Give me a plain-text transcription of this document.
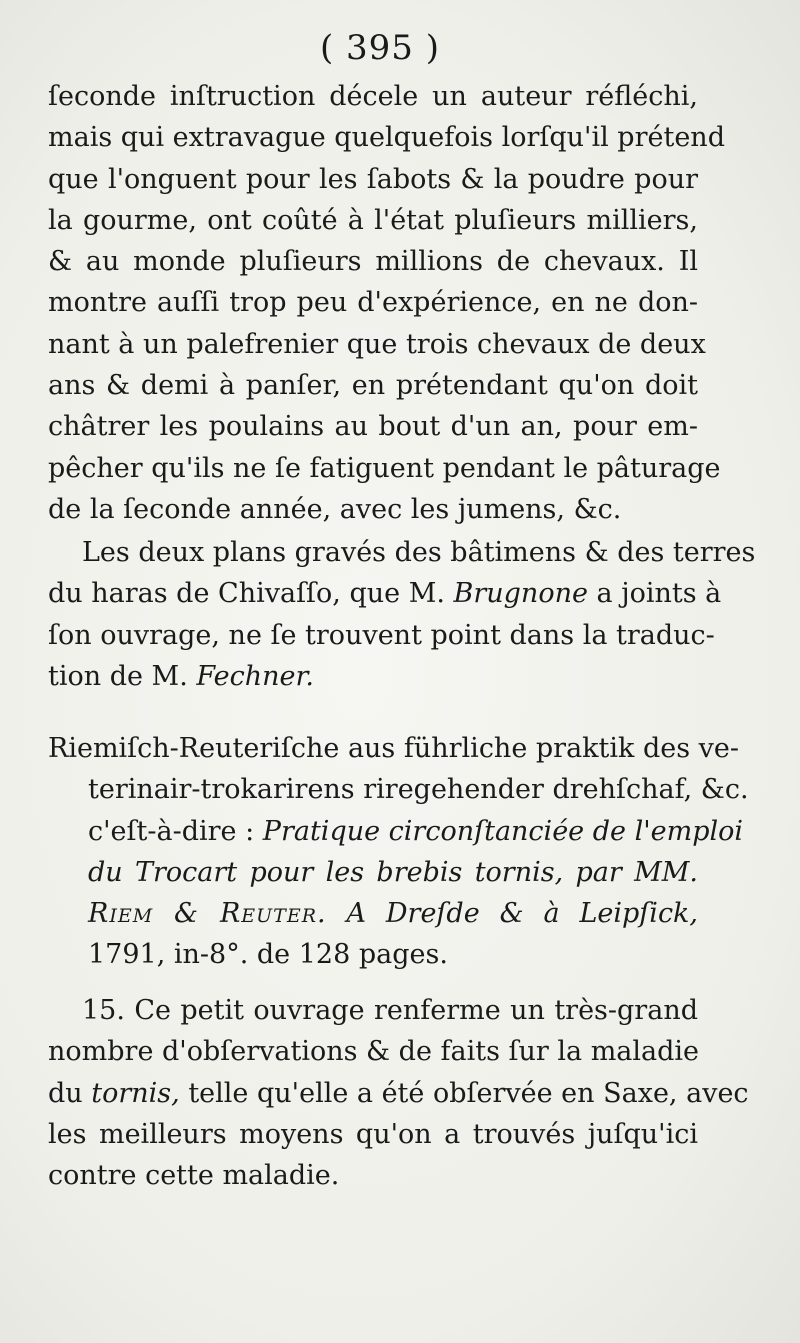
( 395 )
ſeconde inſtruction décele un auteur réfléchi,
mais qui extravague quelquefois lorſqu'il prétend
que l'onguent pour les ſabots & la poudre pour
la gourme, ont coûté à l'état pluſieurs milliers,
& au monde pluſieurs millions de chevaux. Il
montre auſſi trop peu d'expérience, en ne don-
nant à un palefrenier que trois chevaux de deux
ans & demi à panſer, en prétendant qu'on doit
châtrer les poulains au bout d'un an, pour em-
pêcher qu'ils ne ſe fatiguent pendant le pâturage
de la ſeconde année, avec les jumens, &c.
Les deux plans gravés des bâtimens & des terres
du haras de Chivaſſo, que M. Brugnone a joints à
ſon ouvrage, ne ſe trouvent point dans la traduc-
tion de M. Fechner.
Riemiſch-Reuteriſche aus führliche praktik des ve-
terinair-trokarirens riregehender drehſchaf, &c.
c'eſt-à-dire : Pratique circonſtanciée de l'emploi
du Trocart pour les brebis tornis, par MM.
Riem & Reuter. A Dreſde & à Leipſick,
1791, in-8°. de 128 pages.
15. Ce petit ouvrage renferme un très-grand
nombre d'obſervations & de faits ſur la maladie
du tornis, telle qu'elle a été obſervée en Saxe, avec
les meilleurs moyens qu'on a trouvés juſqu'ici
contre cette maladie.
